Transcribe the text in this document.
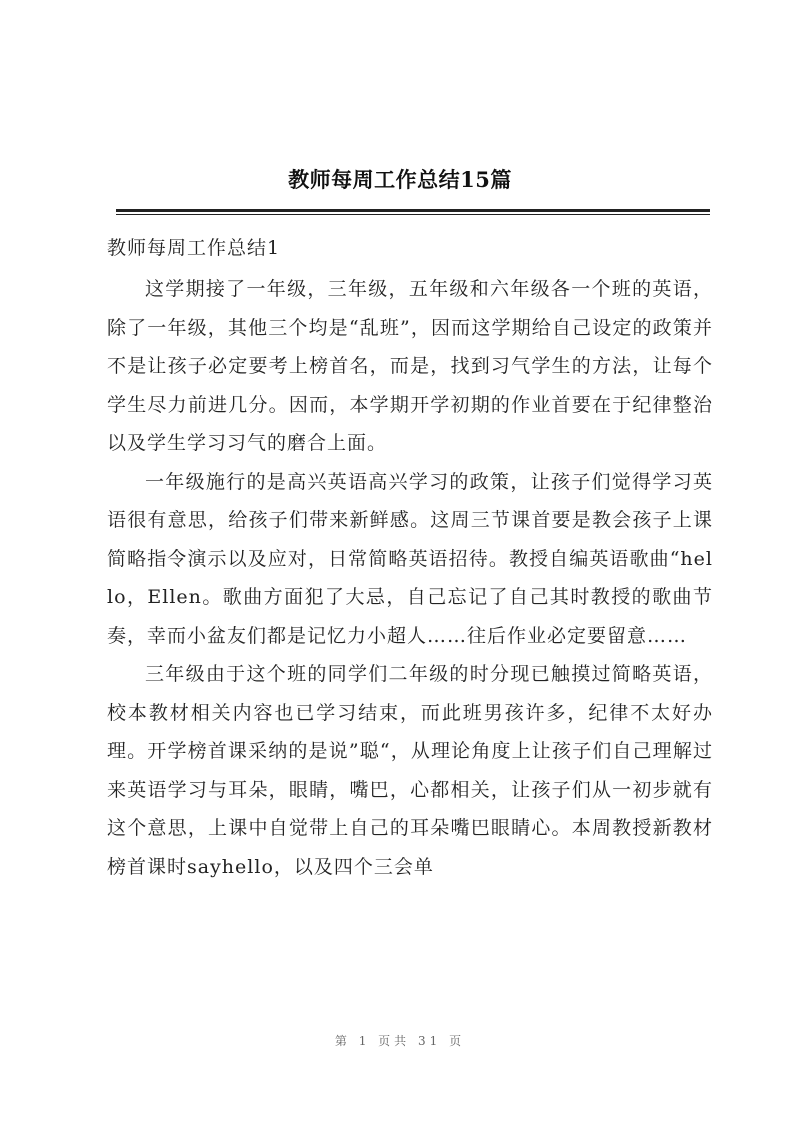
教师每周工作总结15篇
教师每周工作总结1

这学期接了一年级，三年级，五年级和六年级各一个班的英语，除了一年级，其他三个均是“乱班”，因而这学期给自己设定的政策并不是让孩子必定要考上榜首名，而是，找到习气学生的方法，让每个学生尽力前进几分。因而，本学期开学初期的作业首要在于纪律整治以及学生学习习气的磨合上面。

一年级施行的是高兴英语高兴学习的政策，让孩子们觉得学习英语很有意思，给孩子们带来新鲜感。这周三节课首要是教会孩子上课简略指令演示以及应对，日常简略英语招待。教授自编英语歌曲“hello，Ellen。歌曲方面犯了大忌，自己忘记了自己其时教授的歌曲节奏，幸而小盆友们都是记忆力小超人……往后作业必定要留意……

三年级由于这个班的同学们二年级的时分现已触摸过简略英语，校本教材相关内容也已学习结束，而此班男孩许多，纪律不太好办理。开学榜首课采纳的是说”聪“，从理论角度上让孩子们自己理解过来英语学习与耳朵，眼睛，嘴巴，心都相关，让孩子们从一初步就有这个意思，上课中自觉带上自己的耳朵嘴巴眼睛心。本周教授新教材榜首课时sayhello，以及四个三会单

第 1 页共 31 页
